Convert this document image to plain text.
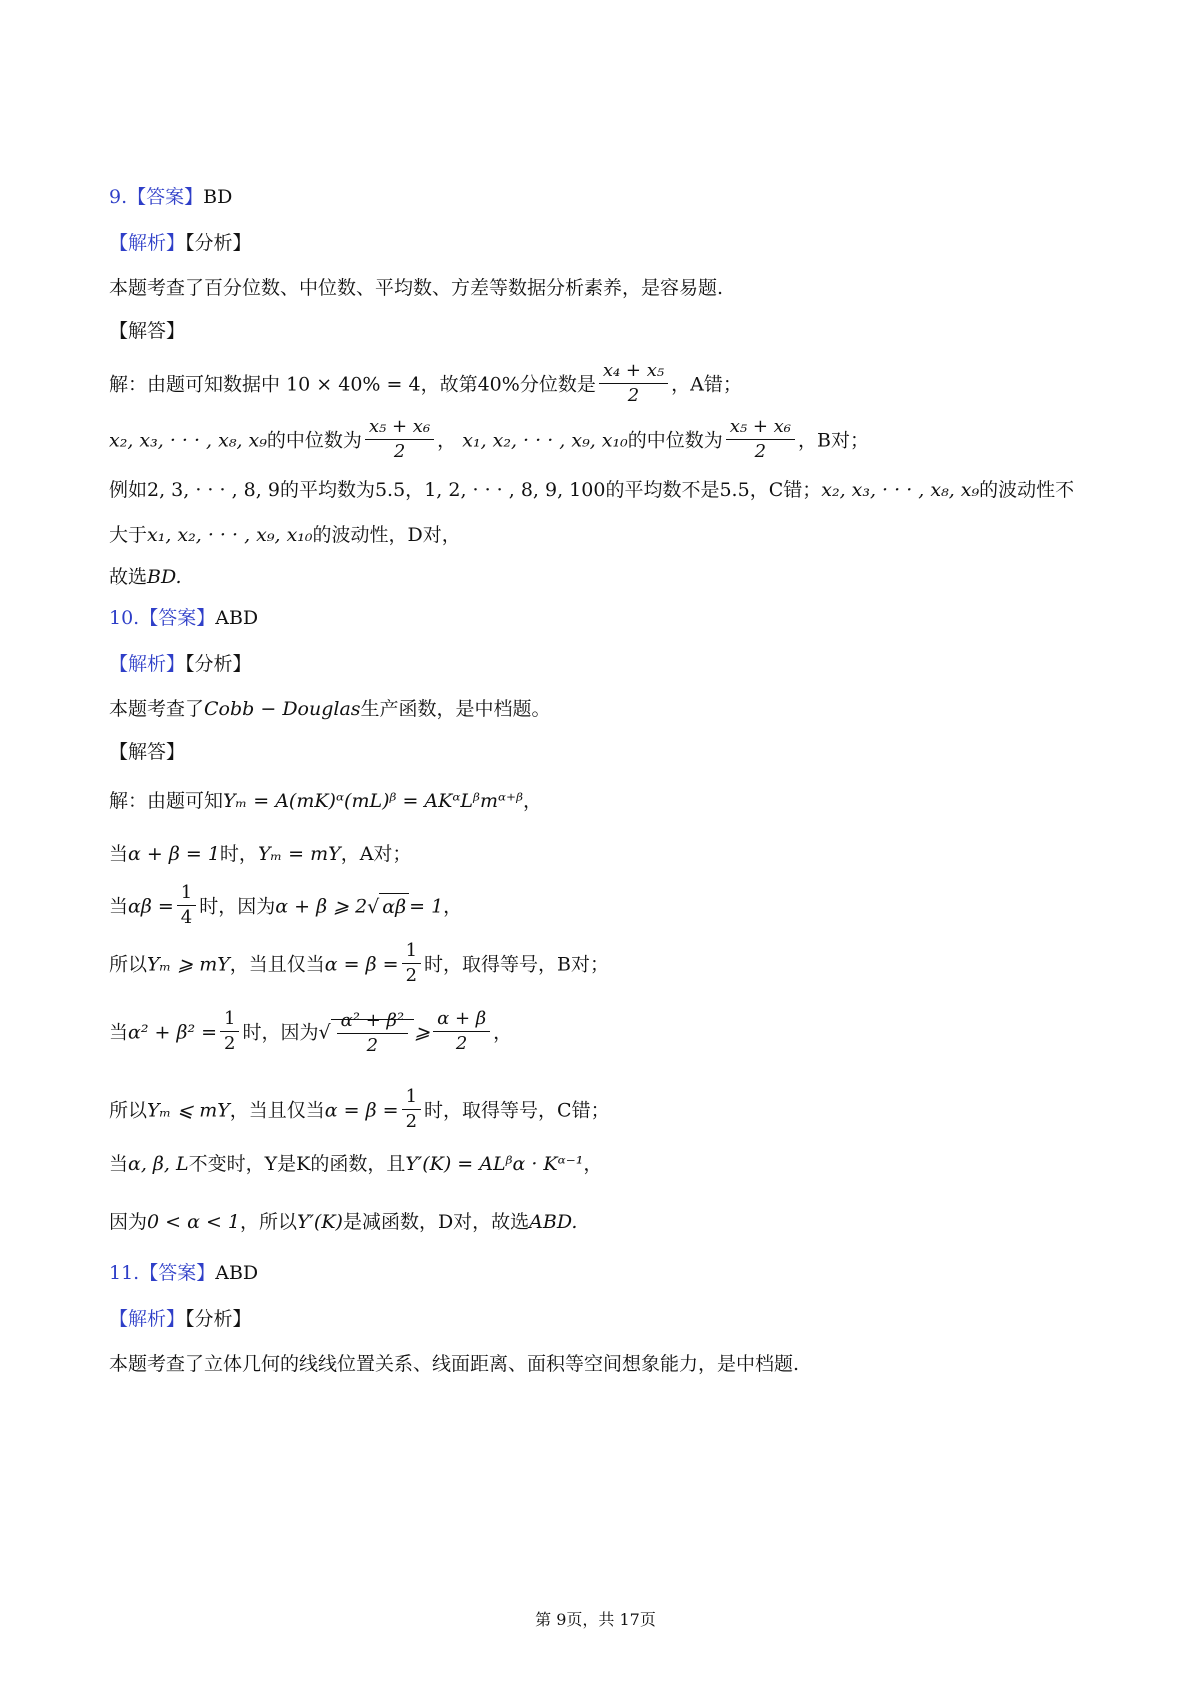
9.【答案】BD
【解析】【分析】
本题考查了百分位数、中位数、平均数、方差等数据分析素养，是容易题.
【解答】
解：由题可知数据中 10 × 40% = 4，故第40%分位数是 $\frac{\text{x₄ + x₅}}{2}$ ，A错；
x₂, x₃, · · · , x₈, x₉的中位数为 $\frac{\text{x₅ + x₆}}{2}$ ， x₁, x₂, · · · , x₉, x₁₀的中位数为 $\frac{\text{x₅ + x₆}}{2}$ ，B对；
例如2, 3, · · · , 8, 9的平均数为5.5，1, 2, · · · , 8, 9, 100的平均数不是5.5，C错；x₂, x₃, · · · , x₈, x₉的波动性不
大于x₁, x₂, · · · , x₉, x₁₀的波动性，D对，
故选BD.
10.【答案】ABD
【解析】【分析】
本题考查了Cobb − Douglas生产函数，是中档题。
【解答】
解：由题可知Yₘ = A(mK)ᵅ(mL)ᵝ = AKᵅLᵝmᵅ⁺ᵝ，
当α + β = 1时，Yₘ = mY，A对；
当$\alpha\beta = \frac{1}{4}$ 时，因为α + β ⩾ 2√ αβ = 1，
所以Yₘ ⩾ mY，当且仅当$\alpha = \beta = \frac{1}{2}$ 时，取得等号，B对；
当$\alpha^2 + \beta^2 = \frac{1}{2}$ 时，因为√ $\frac{\text{α² + β²}}{2}$ ⩾ $\frac{\alpha + \beta}{2}$ ，
所以Yₘ ⩽ mY，当且仅当$\alpha = \beta = \frac{1}{2}$ 时，取得等号，C错；
当α, β, L不变时，Y是K的函数，且Y′(K) = ALᵝα · Kᵅ⁻¹，
因为0 < α < 1，所以Y′(K)是减函数，D对，故选ABD.
11.【答案】ABD
【解析】【分析】
本题考查了立体几何的线线位置关系、线面距离、面积等空间想象能力，是中档题.
第 9页，共 17页
